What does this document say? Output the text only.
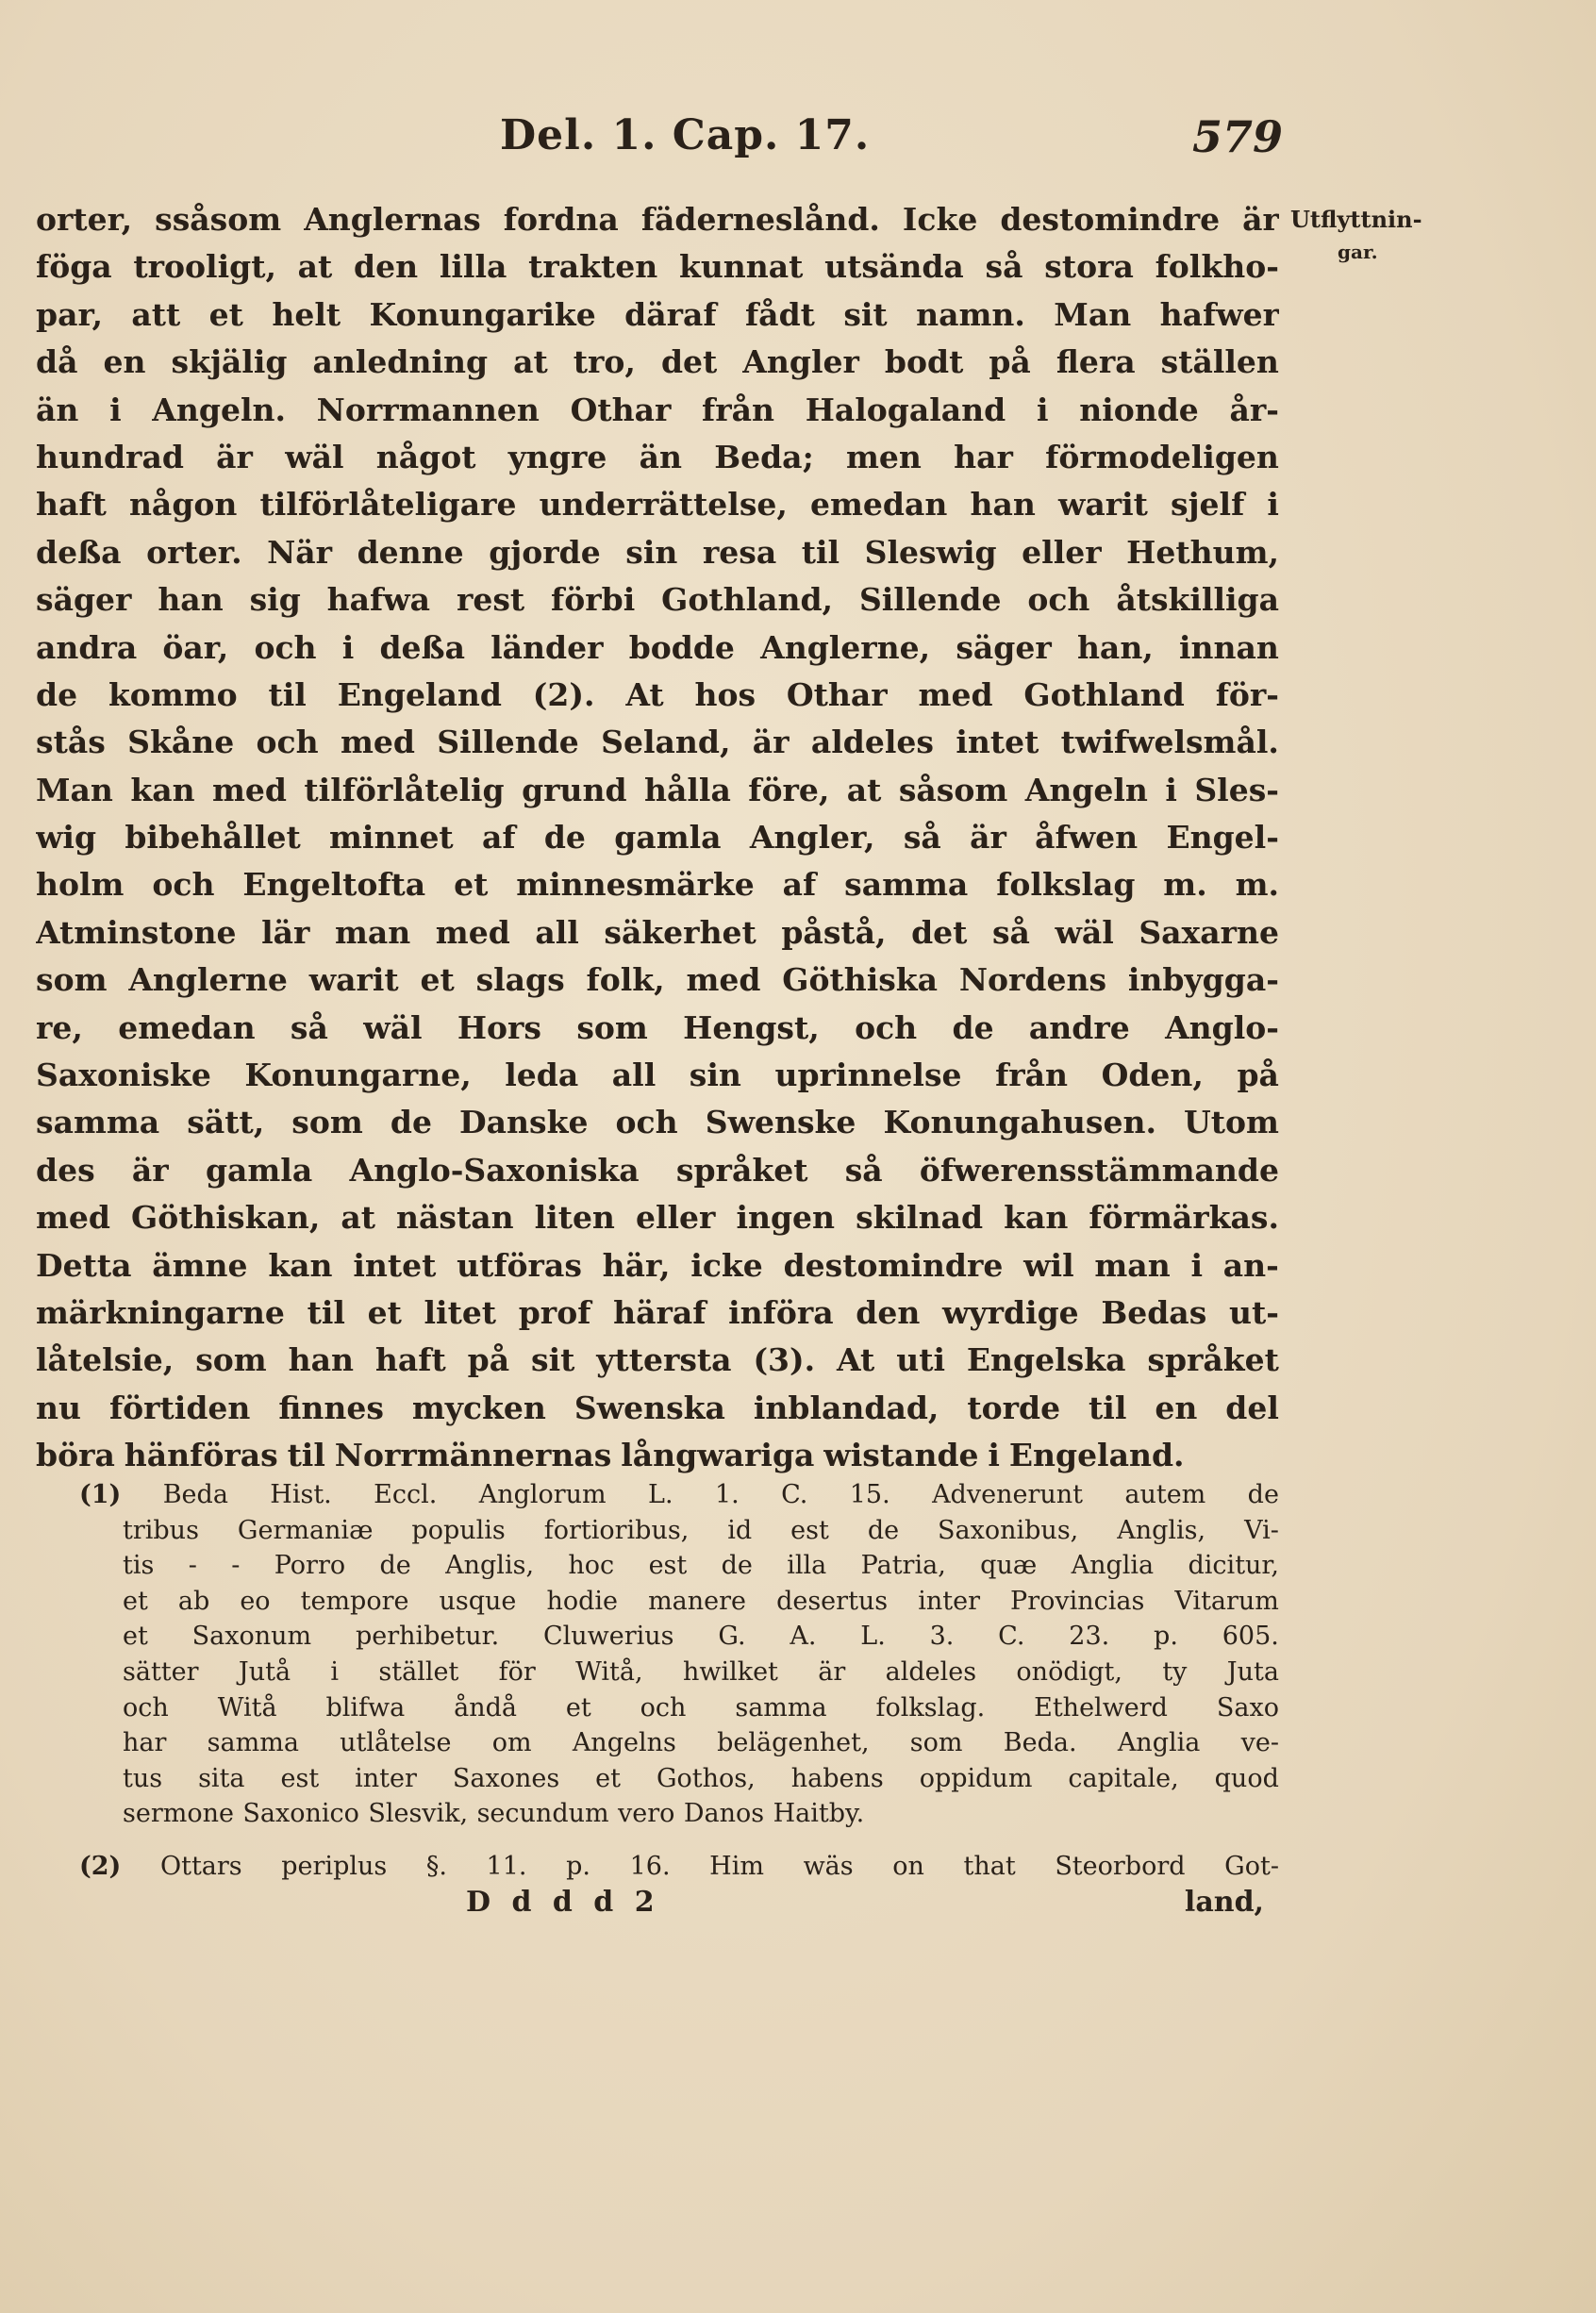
Del. 1. Cap. 17.	579
Utflyttnin-
gar.
orter, ssåsom Anglernas fordna fäderneslånd. Icke destomindre är
föga trooligt, at den lilla trakten kunnat utsända så stora folkho-
par, att et helt Konungarike däraf fådt sit namn. Man hafwer
då en skjälig anledning at tro, det Angler bodt på flera ställen
än i Angeln. Norrmannen Othar från Halogaland i nionde år-
hundrad är wäl något yngre än Beda; men har förmodeligen
haft någon tilförlåteligare underrättelse, emedan han warit sjelf i
deßa orter. När denne gjorde sin resa til Sleswig eller Hethum,
säger han sig hafwa rest förbi Gothland, Sillende och åtskilliga
andra öar, och i deßa länder bodde Anglerne, säger han, innan
de kommo til Engeland (2). At hos Othar med Gothland för-
stås Skåne och med Sillende Seland, är aldeles intet twifwelsmål.
Man kan med tilförlåtelig grund hålla före, at såsom Angeln i Sles-
wig bibehållet minnet af de gamla Angler, så är åfwen Engel-
holm och Engeltofta et minnesmärke af samma folkslag m. m.
Atminstone lär man med all säkerhet påstå, det så wäl Saxarne
som Anglerne warit et slags folk, med Göthiska Nordens inbygga-
re, emedan så wäl Hors som Hengst, och de andre Anglo-
Saxoniske Konungarne, leda all sin uprinnelse från Oden, på
samma sätt, som de Danske och Swenske Konungahusen. Utom
des är gamla Anglo-Saxoniska språket så öfwerensstämmande
med Göthiskan, at nästan liten eller ingen skilnad kan förmärkas.
Detta ämne kan intet utföras här, icke destomindre wil man i an-
märkningarne til et litet prof häraf införa den wyrdige Bedas ut-
låtelsie, som han haft på sit yttersta (3). At uti Engelska språket
nu förtiden finnes mycken Swenska inblandad, torde til en del
böra hänföras til Norrmännernas långwariga wistande i Engeland.
(1) Beda Hist. Eccl. Anglorum L. 1. C. 15. Advenerunt autem de
tribus Germaniæ populis fortioribus, id est de Saxonibus, Anglis, Vi-
tis - - Porro de Anglis, hoc est de illa Patria, quæ Anglia dicitur,
et ab eo tempore usque hodie manere desertus inter Provincias Vitarum
et Saxonum perhibetur. Cluwerius G. A. L. 3. C. 23. p. 605.
sätter Jutå i stället för Witå, hwilket är aldeles onödigt, ty Juta
och Witå blifwa åndå et och samma folkslag. Ethelwerd Saxo
har samma utlåtelse om Angelns belägenhet, som Beda. Anglia ve-
tus sita est inter Saxones et Gothos, habens oppidum capitale, quod
sermone Saxonico Slesvik, secundum vero Danos Haitby.
(2) Ottars periplus §. 11. p. 16. Him wäs on that Steorbord Got-
D d d d 2	land,
